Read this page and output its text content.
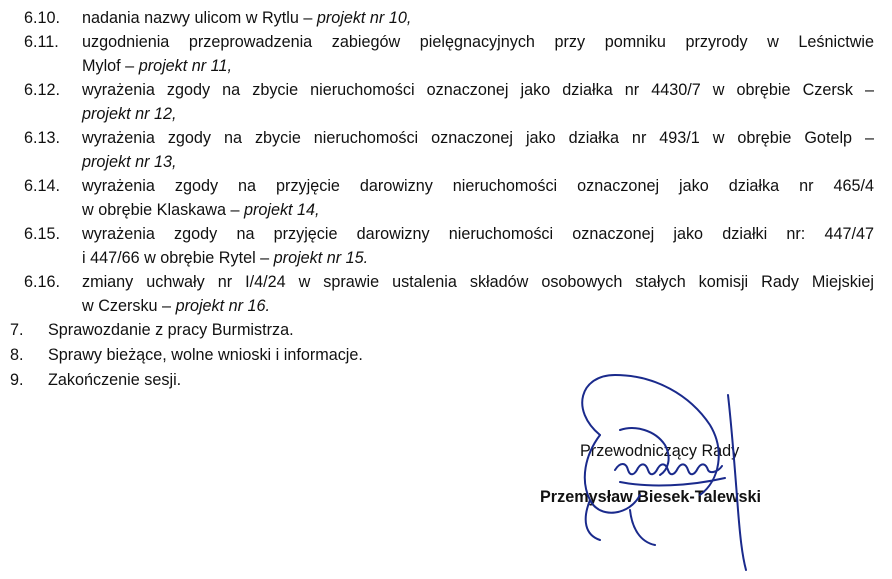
6.10.	nadania nazwy ulicom w Rytlu – projekt nr 10,
6.11.	uzgodnienia przeprowadzenia zabiegów pielęgnacyjnych przy pomniku przyrody w Leśnictwie
Mylof – projekt nr 11,
6.12.	wyrażenia zgody na zbycie nieruchomości oznaczonej jako działka nr 4430/7 w obrębie Czersk –
projekt nr 12,
6.13.	wyrażenia zgody na zbycie nieruchomości oznaczonej jako działka nr 493/1 w obrębie Gotelp –
projekt nr 13,
6.14.	wyrażenia zgody na przyjęcie darowizny nieruchomości oznaczonej jako działka nr 465/4
w obrębie Klaskawa – projekt 14,
6.15.	wyrażenia zgody na przyjęcie darowizny nieruchomości oznaczonej jako działki nr: 447/47
i 447/66 w obrębie Rytel – projekt nr 15.
6.16.	zmiany uchwały nr I/4/24 w sprawie ustalenia składów osobowych stałych komisji Rady Miejskiej
w Czersku – projekt nr 16.
7.	Sprawozdanie z pracy Burmistrza.
8.	Sprawy bieżące, wolne wnioski i informacje.
9.	Zakończenie sesji.
Przewodniczący Rady
Przemysław Biesek-Talewski
